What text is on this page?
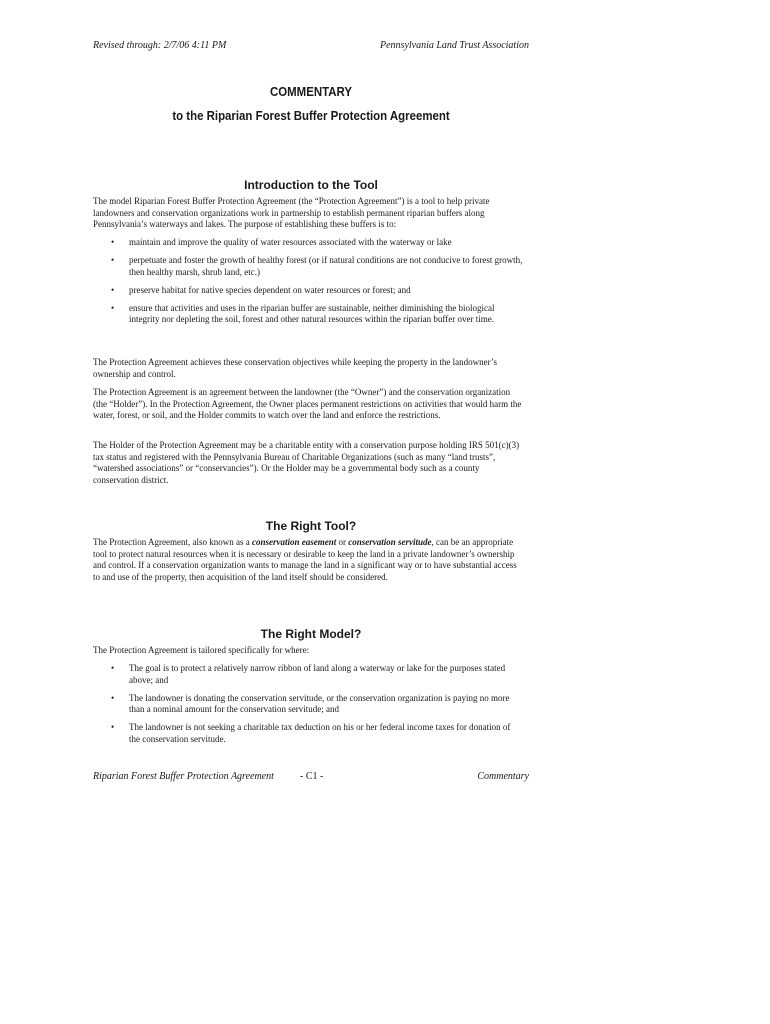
Revised through: 2/7/06 4:11 PM	Pennsylvania Land Trust Association
COMMENTARY
to the Riparian Forest Buffer Protection Agreement
Introduction to the Tool
The model Riparian Forest Buffer Protection Agreement (the “Protection Agreement”) is a tool to help private landowners and conservation organizations work in partnership to establish permanent riparian buffers along Pennsylvania’s waterways and lakes. The purpose of establishing these buffers is to:
• maintain and improve the quality of water resources associated with the waterway or lake
• perpetuate and foster the growth of healthy forest (or if natural conditions are not conducive to forest growth, then healthy marsh, shrub land, etc.)
• preserve habitat for native species dependent on water resources or forest; and
• ensure that activities and uses in the riparian buffer are sustainable, neither diminishing the biological integrity nor depleting the soil, forest and other natural resources within the riparian buffer over time.
The Protection Agreement achieves these conservation objectives while keeping the property in the landowner’s ownership and control.
The Protection Agreement is an agreement between the landowner (the “Owner”) and the conservation organization (the “Holder”). In the Protection Agreement, the Owner places permanent restrictions on activities that would harm the water, forest, or soil, and the Holder commits to watch over the land and enforce the restrictions.
The Holder of the Protection Agreement may be a charitable entity with a conservation purpose holding IRS 501(c)(3) tax status and registered with the Pennsylvania Bureau of Charitable Organizations (such as many “land trusts”, “watershed associations” or “conservancies”). Or the Holder may be a governmental body such as a county conservation district.
The Right Tool?
The Protection Agreement, also known as a conservation easement or conservation servitude, can be an appropriate tool to protect natural resources when it is necessary or desirable to keep the land in a private landowner’s ownership and control. If a conservation organization wants to manage the land in a significant way or to have substantial access to and use of the property, then acquisition of the land itself should be considered.
The Right Model?
The Protection Agreement is tailored specifically for where:
• The goal is to protect a relatively narrow ribbon of land along a waterway or lake for the purposes stated above; and
• The landowner is donating the conservation servitude, or the conservation organization is paying no more than a nominal amount for the conservation servitude; and
• The landowner is not seeking a charitable tax deduction on his or her federal income taxes for donation of the conservation servitude.
Riparian Forest Buffer Protection Agreement	- C1 -	Commentary
